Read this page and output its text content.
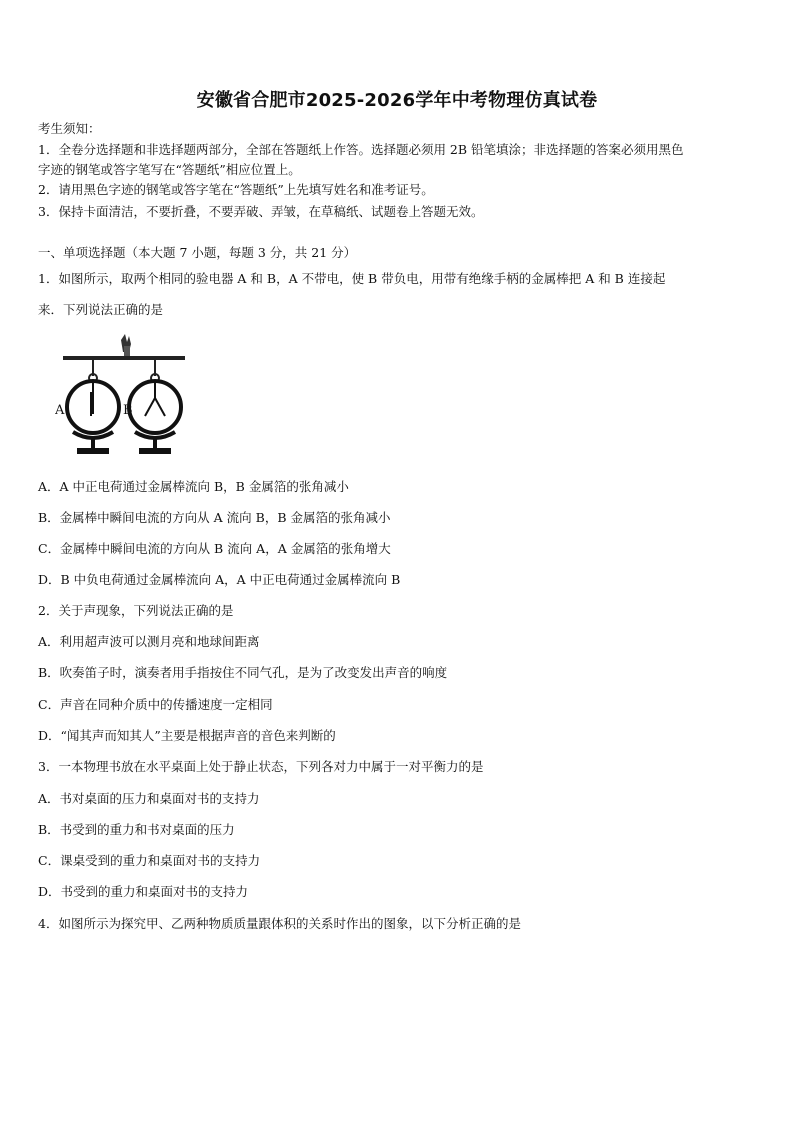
安徽省合肥市2025-2026学年中考物理仿真试卷
考生须知：
1．全卷分选择题和非选择题两部分，全部在答题纸上作答。选择题必须用 2B 铅笔填涂；非选择题的答案必须用黑色
字迹的钢笔或答字笔写在“答题纸”相应位置上。
2．请用黑色字迹的钢笔或答字笔在“答题纸”上先填写姓名和准考证号。
3．保持卡面清洁，不要折叠，不要弄破、弄皱，在草稿纸、试题卷上答题无效。
一、单项选择题（本大题 7 小题，每题 3 分，共 21 分）
1．如图所示，取两个相同的验电器 A 和 B，A 不带电，使 B 带负电，用带有绝缘手柄的金属棒把 A 和 B 连接起
来．下列说法正确的是
A	B
A．A 中正电荷通过金属棒流向 B，B 金属箔的张角减小
B．金属棒中瞬间电流的方向从 A 流向 B，B 金属箔的张角减小
C．金属棒中瞬间电流的方向从 B 流向 A，A 金属箔的张角增大
D．B 中负电荷通过金属棒流向 A，A 中正电荷通过金属棒流向 B
2．关于声现象，下列说法正确的是
A．利用超声波可以测月亮和地球间距离
B．吹奏笛子时，演奏者用手指按住不同气孔，是为了改变发出声音的响度
C．声音在同种介质中的传播速度一定相同
D．“闻其声而知其人”主要是根据声音的音色来判断的
3．一本物理书放在水平桌面上处于静止状态，下列各对力中属于一对平衡力的是
A．书对桌面的压力和桌面对书的支持力
B．书受到的重力和书对桌面的压力
C．课桌受到的重力和桌面对书的支持力
D．书受到的重力和桌面对书的支持力
4．如图所示为探究甲、乙两种物质质量跟体积的关系时作出的图象，以下分析正确的是
